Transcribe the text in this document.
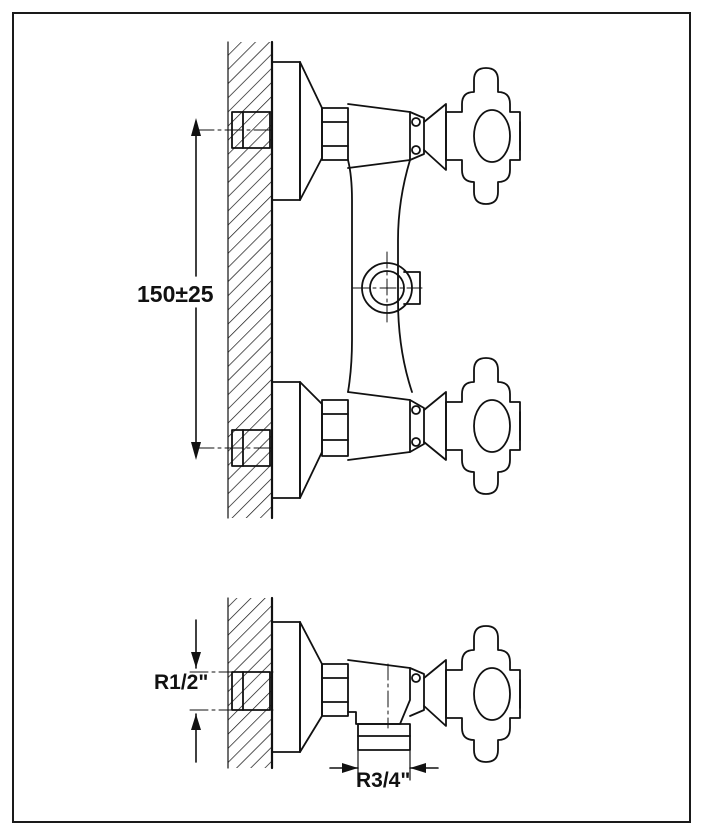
150±25
R1/2"
R3/4"
